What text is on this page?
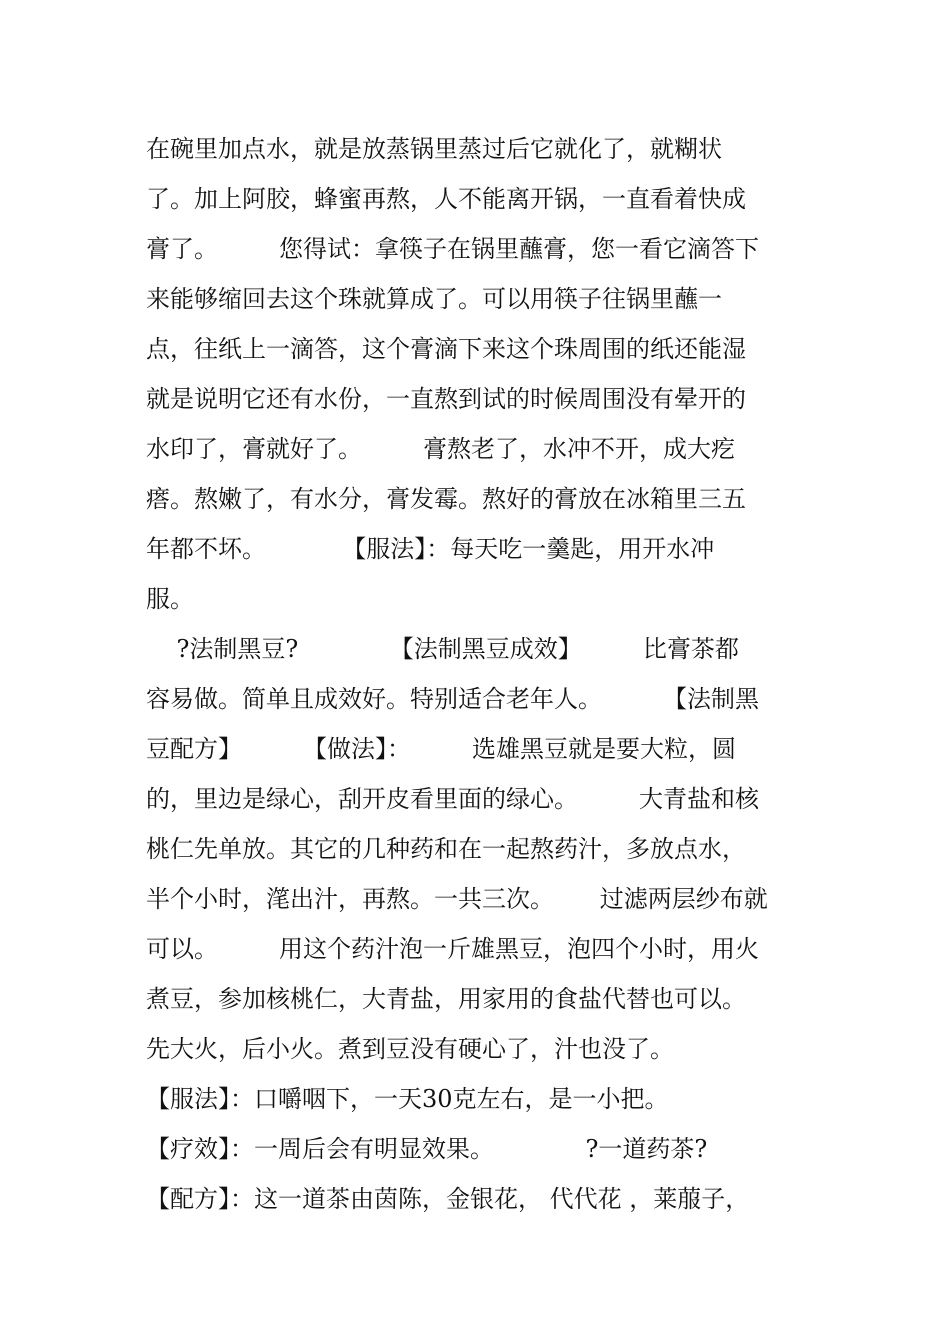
在碗里加点水，就是放蒸锅里蒸过后它就化了，就糊状
了。加上阿胶，蜂蜜再熬，人不能离开锅，一直看着快成
膏了。        您得试：拿筷子在锅里蘸膏，您一看它滴答下
来能够缩回去这个珠就算成了。可以用筷子往锅里蘸一
点，往纸上一滴答，这个膏滴下来这个珠周围的纸还能湿
就是说明它还有水份，一直熬到试的时候周围没有晕开的
水印了，膏就好了。        膏熬老了，水冲不开，成大疙
瘩。熬嫩了，有水分，膏发霉。熬好的膏放在冰箱里三五
年都不坏。          【服法】：每天吃一羹匙，用开水冲
服。
?法制黑豆?            【法制黑豆成效】        比膏茶都
容易做。简单且成效好。特别适合老年人。        【法制黑
豆配方】        【做法】：        选雄黑豆就是要大粒，圆
的，里边是绿心，刮开皮看里面的绿心。        大青盐和核
桃仁先单放。其它的几种药和在一起熬药汁，多放点水，
半个小时，滗出汁，再熬。一共三次。      过滤两层纱布就
可以。        用这个药汁泡一斤雄黑豆，泡四个小时，用火
煮豆，参加核桃仁，大青盐，用家用的食盐代替也可以。
先大火，后小火。煮到豆没有硬心了，汁也没了。
【服法】：口嚼咽下，一天30克左右，是一小把。
【疗效】：一周后会有明显效果。            ?一道药茶?
【配方】：这一道茶由茵陈，金银花， 代代花 ，莱菔子，
